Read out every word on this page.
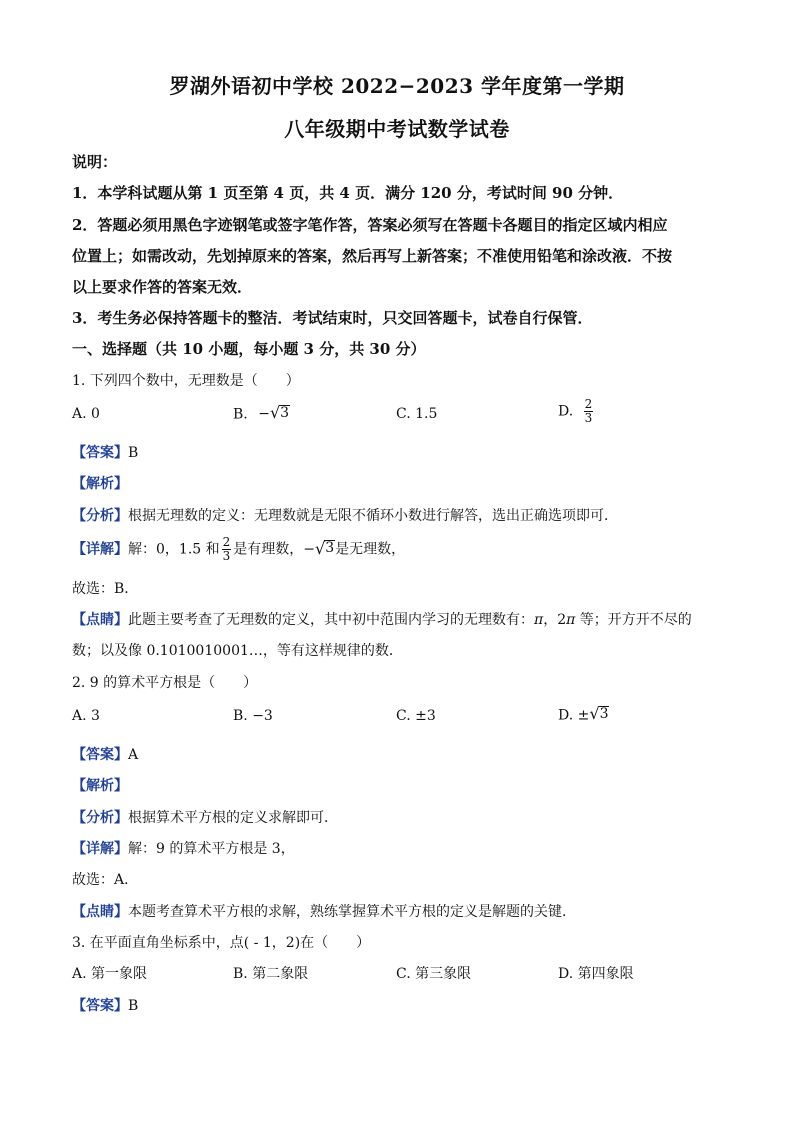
罗湖外语初中学校 2022−2023 学年度第一学期
八年级期中考试数学试卷
说明：
1．本学科试题从第 1 页至第 4 页，共 4 页．满分 120 分，考试时间 90 分钟．
2．答题必须用黑色字迹钢笔或签字笔作答，答案必须写在答题卡各题目的指定区域内相应
位置上；如需改动，先划掉原来的答案，然后再写上新答案；不准使用铅笔和涂改液．不按
以上要求作答的答案无效．
3．考生务必保持答题卡的整洁．考试结束时，只交回答题卡，试卷自行保管．
一、选择题（共 10 小题，每小题 3 分，共 30 分）
1. 下列四个数中，无理数是（　　）
A. 0	B. − √ 3	C. 1.5	D. $\frac{2}{3}$
【答案】B
【解析】
【分析】根据无理数的定义：无理数就是无限不循环小数进行解答，选出正确选项即可．
【详解】解：0，1.5 和 $\frac{2}{3}$ 是有理数，− √ 3 是无理数，
故选：B．
【点睛】此题主要考查了无理数的定义，其中初中范围内学习的无理数有：π，2π 等；开方开不尽的
数；以及像 0.1010010001…，等有这样规律的数．
2. 9 的算术平方根是（　　）
A. 3	B. −3	C. ±3	D. ± √ 3
【答案】A
【解析】
【分析】根据算术平方根的定义求解即可．
【详解】解：9 的算术平方根是 3，
故选：A．
【点睛】本题考查算术平方根的求解，熟练掌握算术平方根的定义是解题的关键．
3. 在平面直角坐标系中，点( - 1，2)在（　　）
A. 第一象限	B. 第二象限	C. 第三象限	D. 第四象限
【答案】B
